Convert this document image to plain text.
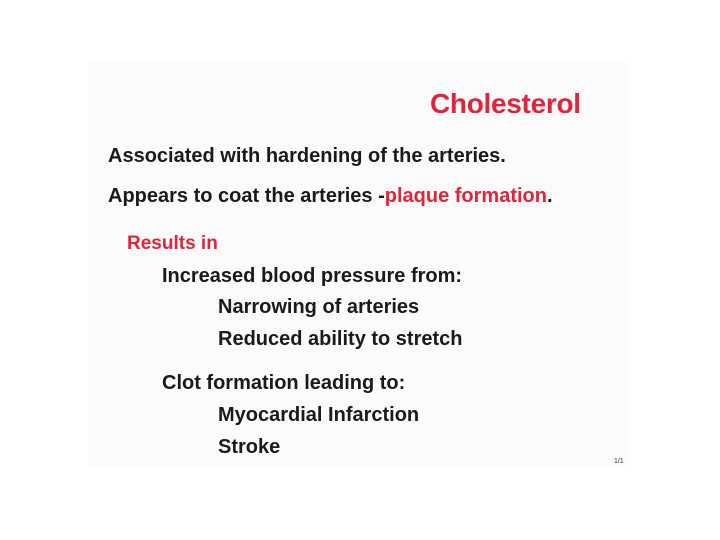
Cholesterol
Associated with hardening of the arteries.
Appears to coat the arteries -plaque formation.
Results in
Increased blood pressure from:
Narrowing of arteries
Reduced ability to stretch
Clot formation leading to:
Myocardial Infarction
Stroke
1/1
